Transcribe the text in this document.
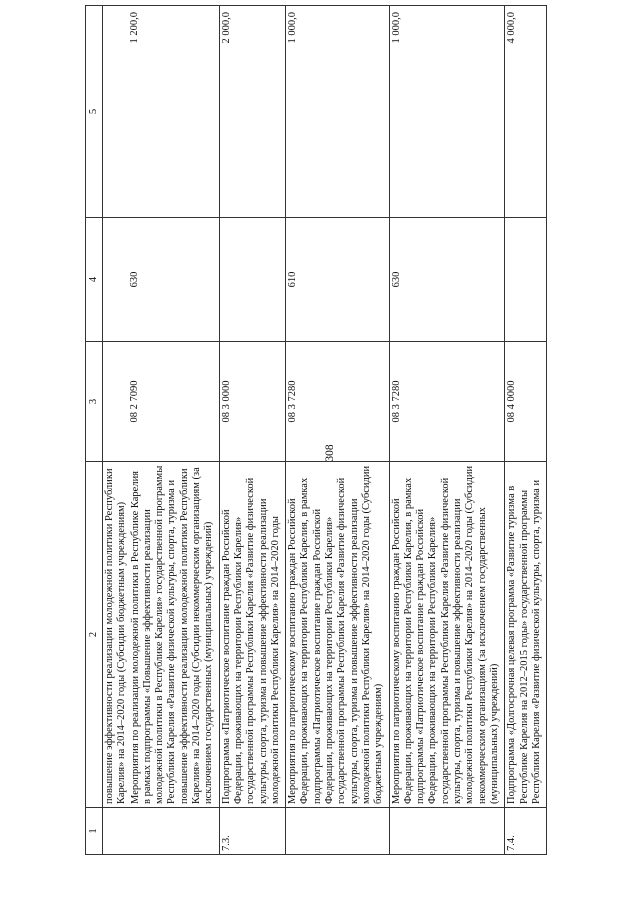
308
1	2	3	4	5

	повышение эффективности реализации молодежной политики Республики Карелия» на 2014–2020 годы (Субсидии бюджетным учреждениям) Мероприятия по реализации молодежной политики в Республике Карелия в рамках подпрограммы «Повышение эффективности реализации молодежной политики в Республике Карелия» государственной программы Республики Карелия «Развитие физической культуры, спорта, туризма и повышение эффективности реализации молодежной политики Республики Карелия» на 2014–2020 годы (Субсидии некоммерческим организациям (за исключением государственных (муниципальных) учреждений)	08 2 7090	630	1 200,0
7.3.	Подпрограмма «Патриотическое воспитание граждан Российской Федерации, проживающих на территории Республики Карелия» государственной программы Республики Карелия «Развитие физической культуры, спорта, туризма и повышение эффективности реализации молодежной политики Республики Карелия» на 2014–2020 годы	08 3 0000		2 000,0

	Мероприятия по патриотическому воспитанию граждан Российской Федерации, проживающих на территории Республики Карелия, в рамках подпрограммы «Патриотическое воспитание граждан Российской Федерации, проживающих на территории Республики Карелия» государственной программы Республики Карелия «Развитие физической культуры, спорта, туризма и повышение эффективности реализации молодежной политики Республики Карелия» на 2014–2020 годы (Субсидии бюджетным учреждениям)	08 3 7280	610	1 000,0

	Мероприятия по патриотическому воспитанию граждан Российской Федерации, проживающих на территории Республики Карелия, в рамках подпрограммы «Патриотическое воспитание граждан Российской Федерации, проживающих на территории Республики Карелия» государственной программы Республики Карелия «Развитие физической культуры, спорта, туризма и повышение эффективности реализации молодежной политики Республики Карелия» на 2014–2020 годы (Субсидии некоммерческим организациям (за исключением государственных (муниципальных) учреждений)	08 3 7280	630	1 000,0
7.4.	Подпрограмма «Долгосрочная целевая программа «Развитие туризма в Республике Карелия на 2012–2015 годы» государственной программы Республики Карелия «Развитие физической культуры, спорта, туризма и	08 4 0000		4 000,0
